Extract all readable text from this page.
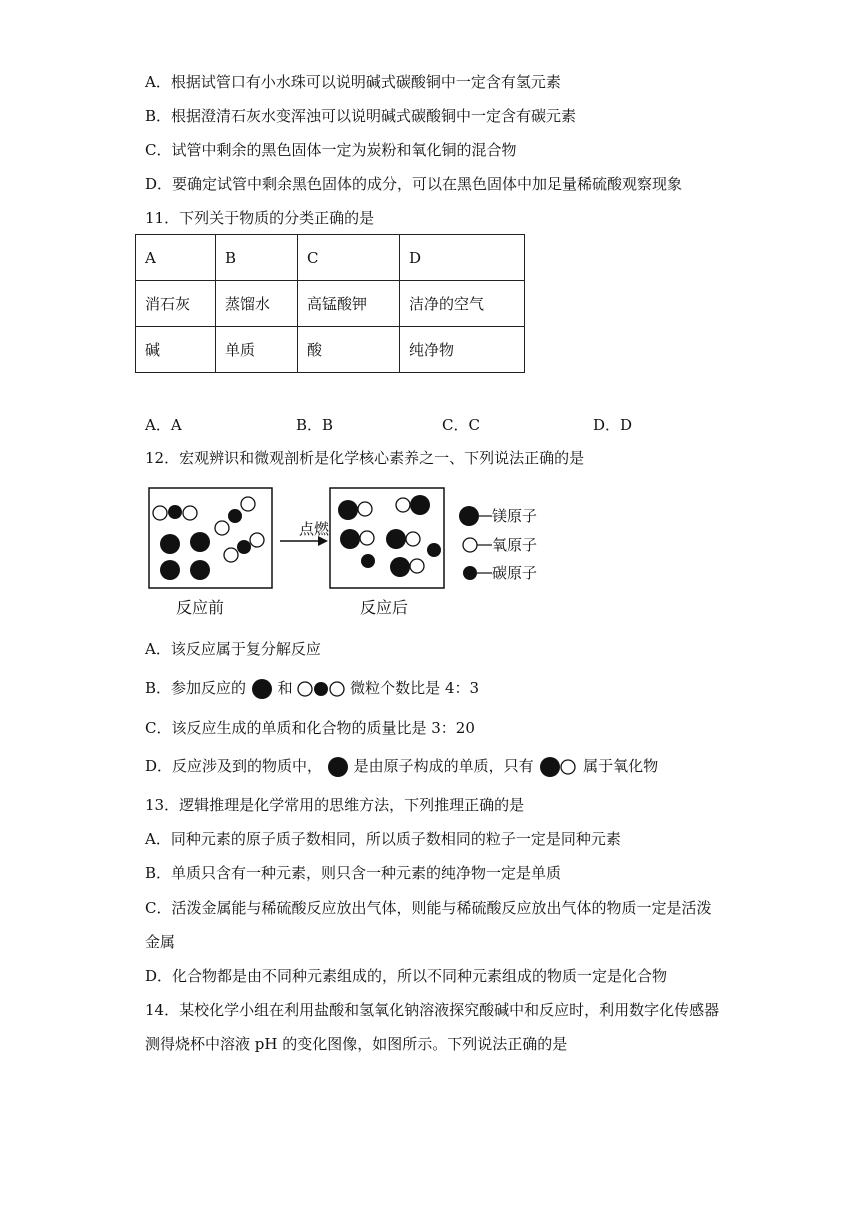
A．根据试管口有小水珠可以说明碱式碳酸铜中一定含有氢元素
B．根据澄清石灰水变浑浊可以说明碱式碳酸铜中一定含有碳元素
C．试管中剩余的黑色固体一定为炭粉和氧化铜的混合物
D．要确定试管中剩余黑色固体的成分，可以在黑色固体中加足量稀硫酸观察现象
11．下列关于物质的分类正确的是
A	B	C	D
消石灰	蒸馏水	高锰酸钾	洁净的空气
碱	单质	酸	纯净物
A．A	B．B	C．C	D．D
12．宏观辨识和微观剖析是化学核心素养之一、下列说法正确的是
点燃
镁原子
氧原子
碳原子
反应前	反应后
A．该反应属于复分解反应
B．参加反应的 和	微粒个数比是 4：3
C．该反应生成的单质和化合物的质量比是 3：20
D．反应涉及到的物质中， 是由原子构成的单质，只有	属于氧化物
13．逻辑推理是化学常用的思维方法，下列推理正确的是
A．同种元素的原子质子数相同，所以质子数相同的粒子一定是同种元素
B．单质只含有一种元素，则只含一种元素的纯净物一定是单质
C．活泼金属能与稀硫酸反应放出气体，则能与稀硫酸反应放出气体的物质一定是活泼
金属
D．化合物都是由不同种元素组成的，所以不同种元素组成的物质一定是化合物
14．某校化学小组在利用盐酸和氢氧化钠溶液探究酸碱中和反应时，利用数字化传感器
测得烧杯中溶液 pH 的变化图像，如图所示。下列说法正确的是
